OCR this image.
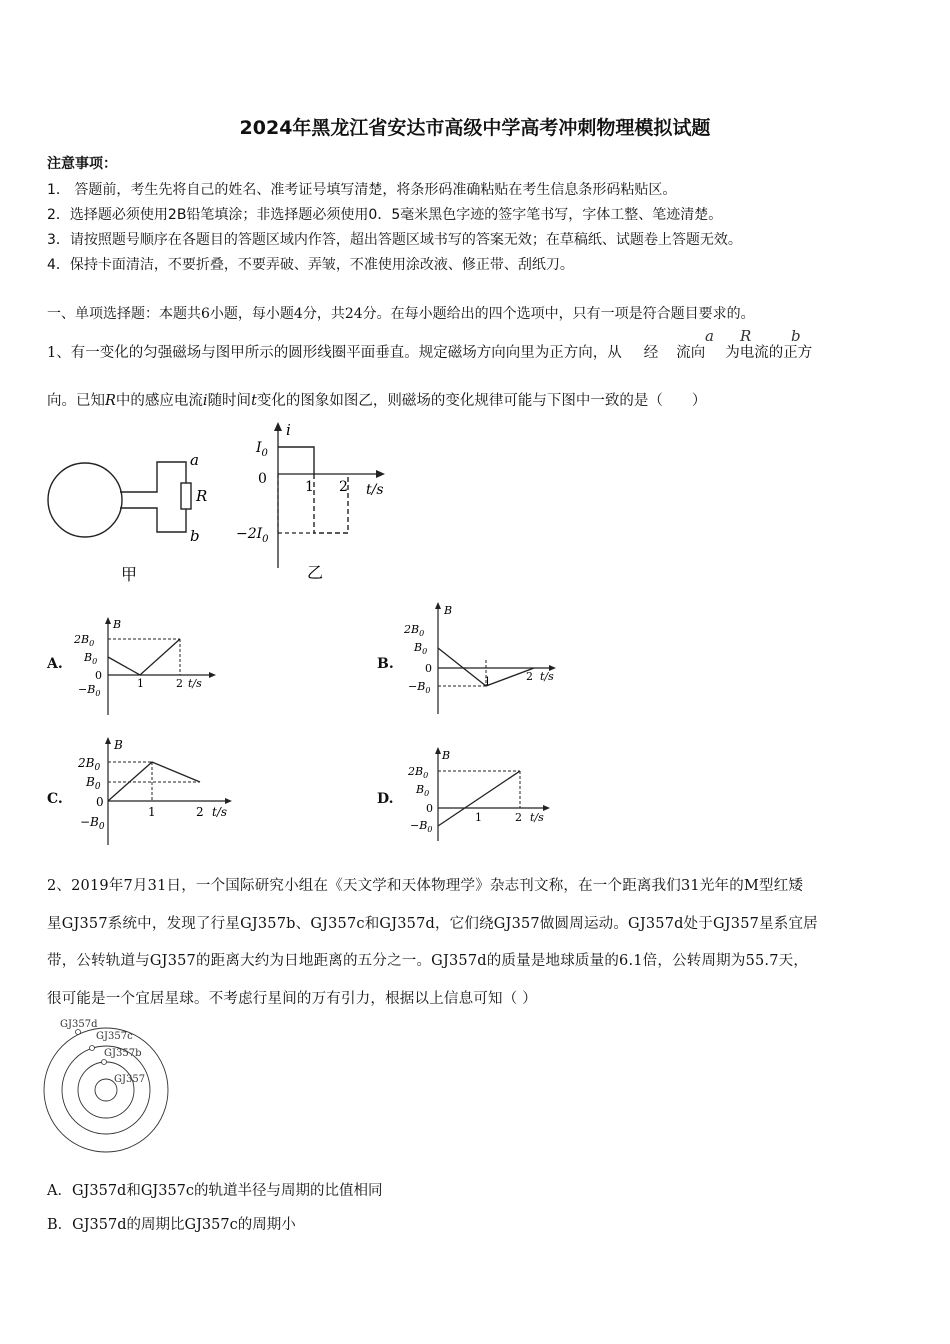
2024年黑龙江省安达市高级中学高考冲刺物理模拟试题
注意事项：
1． 答题前，考生先将自己的姓名、准考证号填写清楚，将条形码准确粘贴在考生信息条形码粘贴区。
2．选择题必须使用2B铅笔填涂；非选择题必须使用0．5毫米黑色字迹的签字笔书写，字体工整、笔迹清楚。
3．请按照题号顺序在各题目的答题区域内作答，超出答题区域书写的答案无效；在草稿纸、试题卷上答题无效。
4．保持卡面清洁，不要折叠，不要弄破、弄皱，不准使用涂改液、修正带、刮纸刀。
一、单项选择题：本题共6小题，每小题4分，共24分。在每小题给出的四个选项中，只有一项是符合题目要求的。
1、有一变化的匀强磁场与图甲所示的圆形线圈平面垂直。规定磁场方向向里为正方向，从 经 流向 为电流的正方
a R	b
向。已知R中的感应电流i随时间t变化的图象如图乙，则磁场的变化规律可能与下图中一致的是（　　）
a
R
b
甲
i
$I_0$
0
$-2I_0$
1 2 t/s
乙
A.
B
$2B_0$
$B_0$
0
$-B_0$
1	2 t/s
B.
B
$2B_0$
$B_0$
0
$-B_0$
1	2 t/s
C.
B
$2B_0$
$B_0$
0
$-B_0$
1	2 t/s
D.
B
$2B_0$
$B_0$
0
$-B_0$
1	2 t/s
2、2019年7月31日，一个国际研究小组在《天文学和天体物理学》杂志刊文称，在一个距离我们31光年的M型红矮
星GJ357系统中，发现了行星GJ357b、GJ357c和GJ357d，它们绕GJ357做圆周运动。GJ357d处于GJ357星系宜居
带，公转轨道与GJ357的距离大约为日地距离的五分之一。GJ357d的质量是地球质量的6.1倍，公转周期为55.7天，
很可能是一个宜居星球。不考虑行星间的万有引力，根据以上信息可知（ ）
GJ357d
GJ357c
GJ357b
GJ357
A．GJ357d和GJ357c的轨道半径与周期的比值相同
B．GJ357d的周期比GJ357c的周期小
